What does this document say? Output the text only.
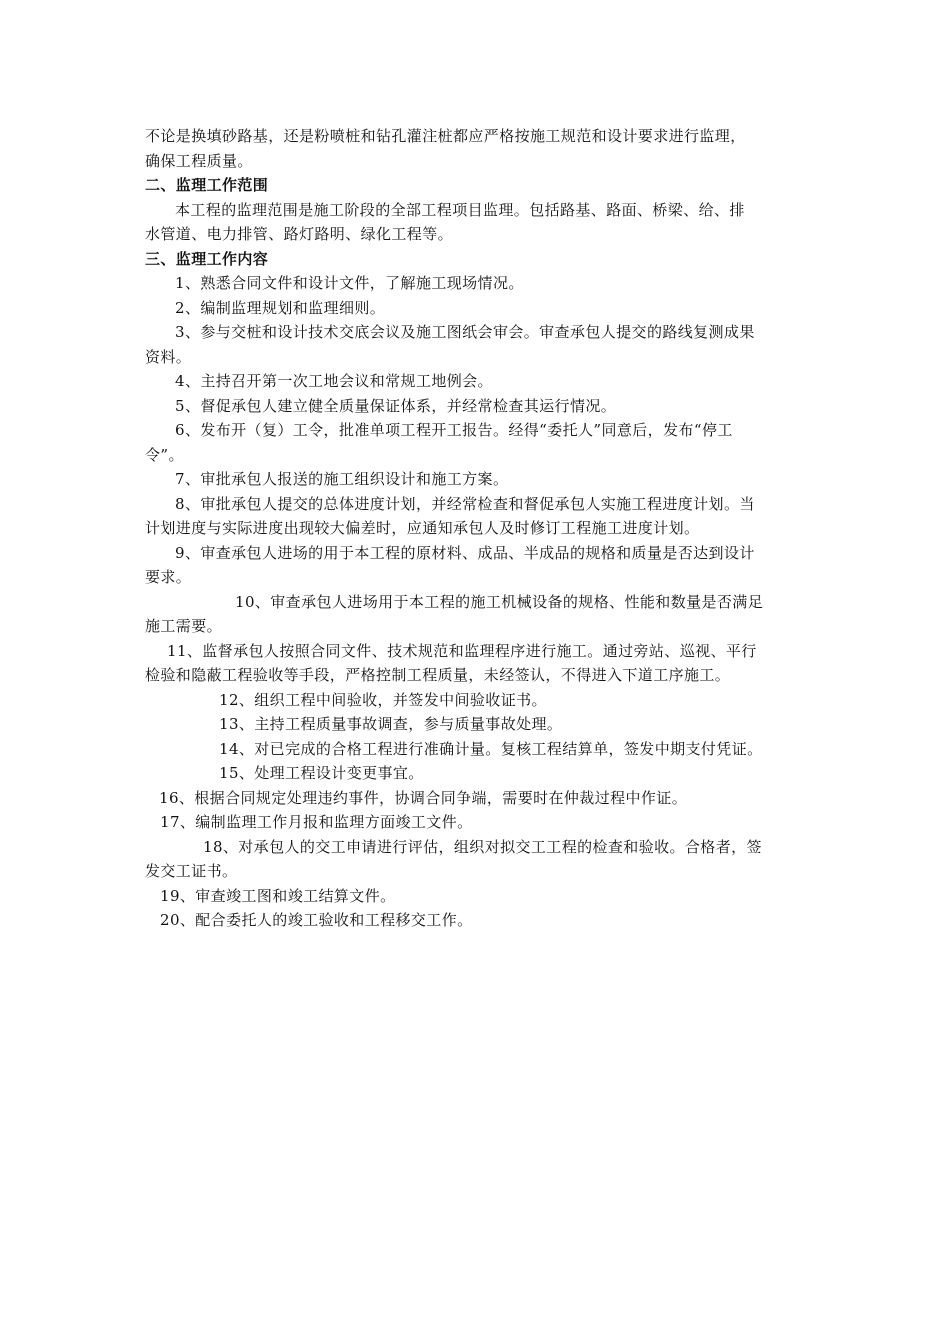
不论是换填砂路基，还是粉喷桩和钻孔灌注桩都应严格按施工规范和设计要求进行监理，
确保工程质量。
二、监理工作范围
本工程的监理范围是施工阶段的全部工程项目监理。包括路基、路面、桥梁、给、排
水管道、电力排管、路灯路明、绿化工程等。
三、监理工作内容
1、熟悉合同文件和设计文件，了解施工现场情况。
2、编制监理规划和监理细则。
3、参与交桩和设计技术交底会议及施工图纸会审会。审查承包人提交的路线复测成果
资料。
4、主持召开第一次工地会议和常规工地例会。
5、督促承包人建立健全质量保证体系，并经常检查其运行情况。
6、发布开（复）工令，批准单项工程开工报告。经得“委托人”同意后，发布“停工
令”。
7、审批承包人报送的施工组织设计和施工方案。
8、审批承包人提交的总体进度计划，并经常检查和督促承包人实施工程进度计划。当
计划进度与实际进度出现较大偏差时，应通知承包人及时修订工程施工进度计划。
9、审查承包人进场的用于本工程的原材料、成品、半成品的规格和质量是否达到设计
要求。
10、审查承包人进场用于本工程的施工机械设备的规格、性能和数量是否满足
施工需要。
11、监督承包人按照合同文件、技术规范和监理程序进行施工。通过旁站、巡视、平行
检验和隐蔽工程验收等手段，严格控制工程质量，未经签认，不得进入下道工序施工。
12、组织工程中间验收，并签发中间验收证书。
13、主持工程质量事故调查，参与质量事故处理。
14、对已完成的合格工程进行准确计量。复核工程结算单，签发中期支付凭证。
15、处理工程设计变更事宜。
16、根据合同规定处理违约事件，协调合同争端，需要时在仲裁过程中作证。
17、编制监理工作月报和监理方面竣工文件。
18、对承包人的交工申请进行评估，组织对拟交工工程的检查和验收。合格者，签
发交工证书。
19、审查竣工图和竣工结算文件。
20、配合委托人的竣工验收和工程移交工作。
